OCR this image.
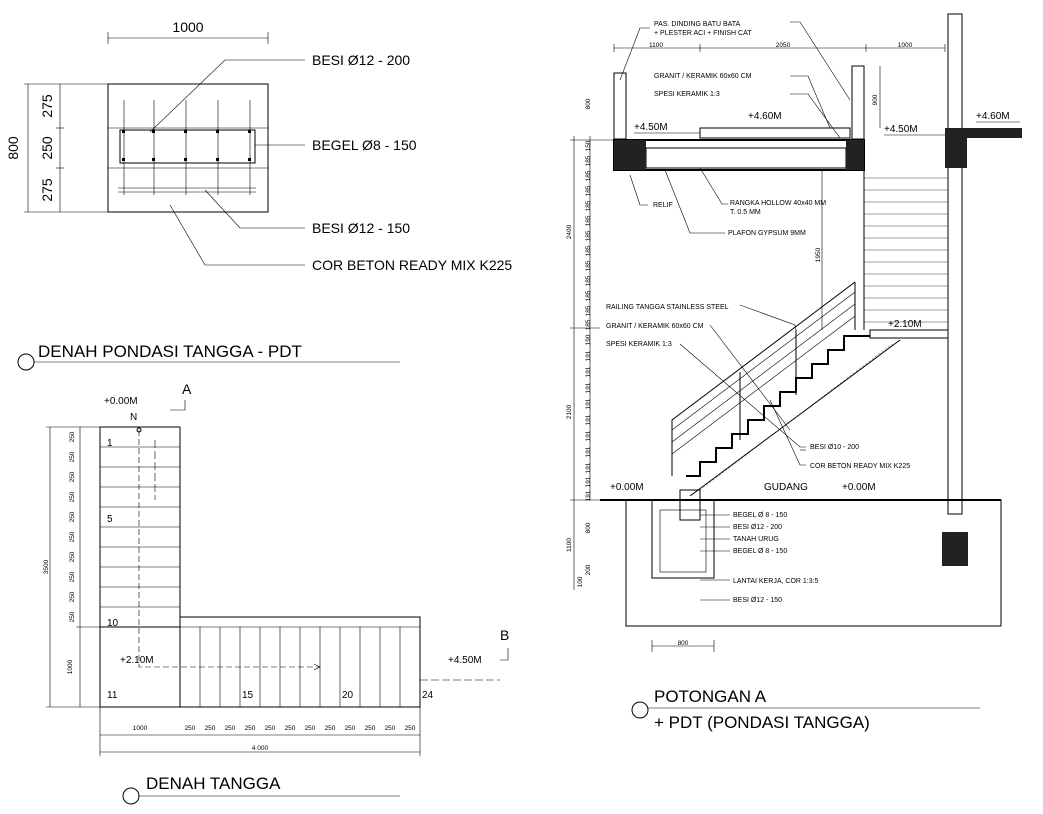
1000
800
275
250
275
BESI Ø12 - 200
BEGEL Ø8 - 150
BESI Ø12 - 150
COR BETON READY MIX K225
DENAH PONDASI TANGGA - PDT
A
B
+0.00M
N
+2.10M	+4.50M
1
5
10
11	15	20	24
3500
1000
250
250
250
250
250
250
250
250
250
250
1000	250 250 250 250 250 250 250 250 250 250 250 250
4 000
DENAH TANGGA
1100	2050	1000
2400
2100
1100
800
800
200
100
150
185
185
185
185
185
185
185
185
185
185
185
185
190
191
191
191
191
191
191
191
191
191
191
900
1950
800
PAS. DINDING BATU BATA
+ PLESTER ACI + FINISH CAT
GRANIT / KERAMIK 60x60 CM
SPESI KERAMIK 1:3
RELIF	RANGKA HOLLOW 40x40 MM
T. 0.5 MM
PLAFON GYPSUM 9MM
RAILING TANGGA STAINLESS STEEL
GRANIT / KERAMIK 60x60 CM
SPESI KERAMIK 1:3
BESI Ø10 - 200
COR BETON READY MIX K225
GUDANG
BEGEL Ø 8 - 150
BESI Ø12 - 200
TANAH URUG
BEGEL Ø 8 - 150
LANTAI KERJA, COR 1:3:5
BESI Ø12 - 150
+4.50M
+4.60M
+4.50M
+4.60M
+2.10M
+0.00M	+0.00M
POTONGAN A
+ PDT (PONDASI TANGGA)
